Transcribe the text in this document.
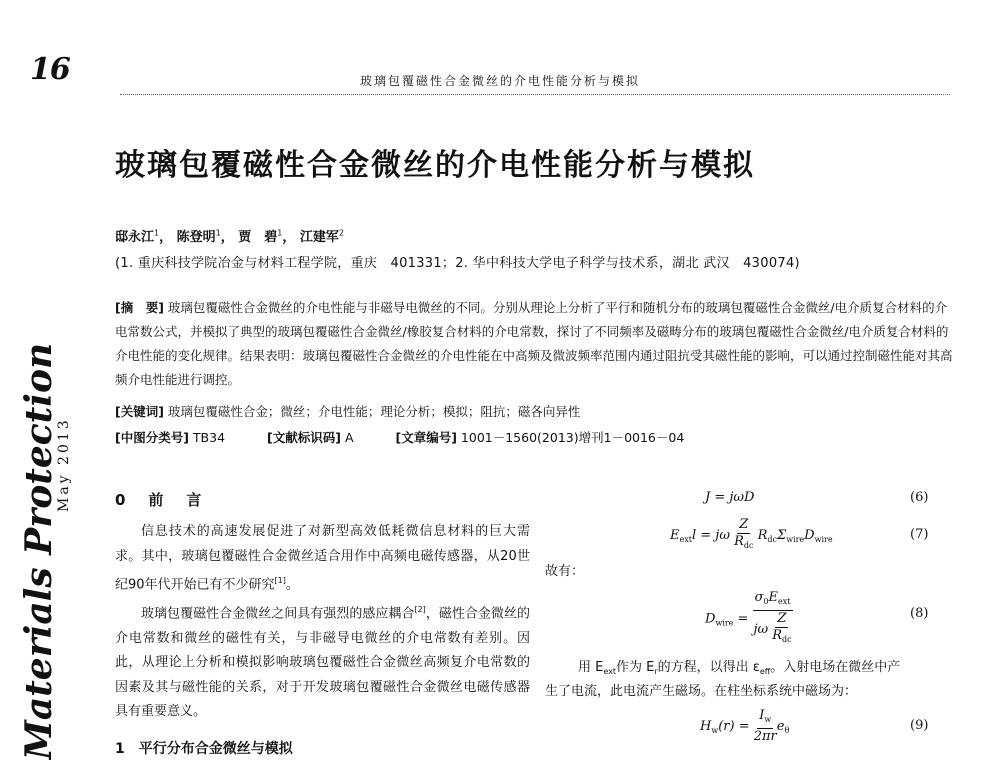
16	玻璃包覆磁性合金微丝的介电性能分析与模拟
玻璃包覆磁性合金微丝的介电性能分析与模拟
邸永江$^1$， 陈登明$^1$， 贾　碧$^1$， 江建军$^2$
(1. 重庆科技学院冶金与材料工程学院，重庆　401331；2. 华中科技大学电子科学与技术系，湖北 武汉　430074)
[摘　要] 玻璃包覆磁性合金微丝的介电性能与非磁导电微丝的不同。分别从理论上分析了平行和随机分布的玻璃包覆磁性合金微丝/电介质复合材料的介电常数公式，并模拟了典型的玻璃包覆磁性合金微丝/橡胶复合材料的介电常数，探讨了不同频率及磁畴分布的玻璃包覆磁性合金微丝/电介质复合材料的介电性能的变化规律。结果表明：玻璃包覆磁性合金微丝的介电性能在中高频及微波频率范围内通过阻抗受其磁性能的影响，可以通过控制磁性能对其高频介电性能进行调控。
[关键词] 玻璃包覆磁性合金；微丝；介电性能；理论分析；模拟；阻抗；磁各向异性
[中图分类号] TB34	[文献标识码] A	[文章编号] 1001－1560(2013)增刊1－0016－04
Materials Protection
May 2013	0　前　言

信息技术的高速发展促进了对新型高效低耗微信息材料的巨大需求。其中，玻璃包覆磁性合金微丝适合用作中高频电磁传感器，从20世纪90年代开始已有不少研究[1]。

玻璃包覆磁性合金微丝之间具有强烈的感应耦合[2]，磁性合金微丝的介电常数和微丝的磁性有关，与非磁导电微丝的介电常数有差别。因此，从理论上分析和模拟影响玻璃包覆磁性合金微丝高频复介电常数的因素及其与磁性能的关系，对于开发玻璃包覆磁性合金微丝电磁传感器具有重要意义。

1　平行分布合金微丝与模拟
J = jωD	(6)
$E_{ext}l = j\omega \frac{Z}{R_{dc}} R_{dc}\Sigma_{wire}D_{wire}$	(7)
故有：
$D_{wire} = \frac{\sigma_0E_{ext}}{j\omega \frac{Z}{R_{dc}}}$	(8)
用 $E_{ext}$作为 $E_r$的方程，以得出 $\varepsilon_{eff}$。入射电场在微丝中产
生了电流，此电流产生磁场。在柱坐标系统中磁场为：
$H_w(r) = \frac{I_w}{2\pi r} e_\theta$	(9)
